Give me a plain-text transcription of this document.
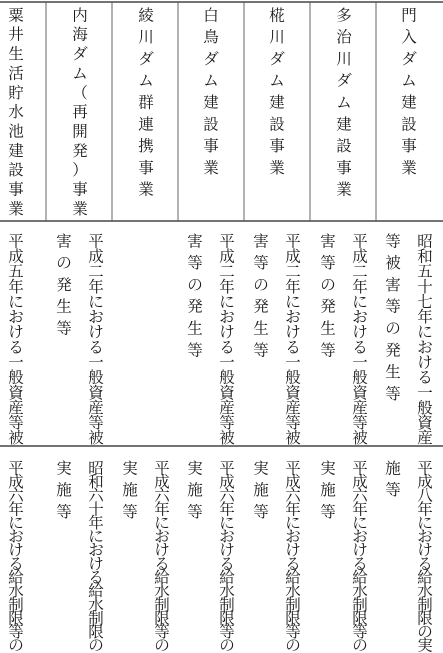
門入ダム建設事業
昭和五十七年における一般資産
等被害等の発生等
平成八年における給水制限の実
施等
多治川ダム建設事業
平成二年における一般資産等被
害等の発生等
平成六年における給水制限等の
実施等
椛川ダム建設事業
平成二年における一般資産等被
害等の発生等
平成六年における給水制限等の
実施等
白鳥ダム建設事業
平成二年における一般資産等被
害等の発生等
平成六年における給水制限等の
実施等
綾川ダム群連携事業
平成六年における給水制限等の
実施等
内海ダム（再開発）事業
平成二年における一般資産等被
害の発生等
昭和六十年における給水制限の
実施等
粟井生活貯水池建設事業
平成五年における一般資産等被
平成六年における給水制限等の
